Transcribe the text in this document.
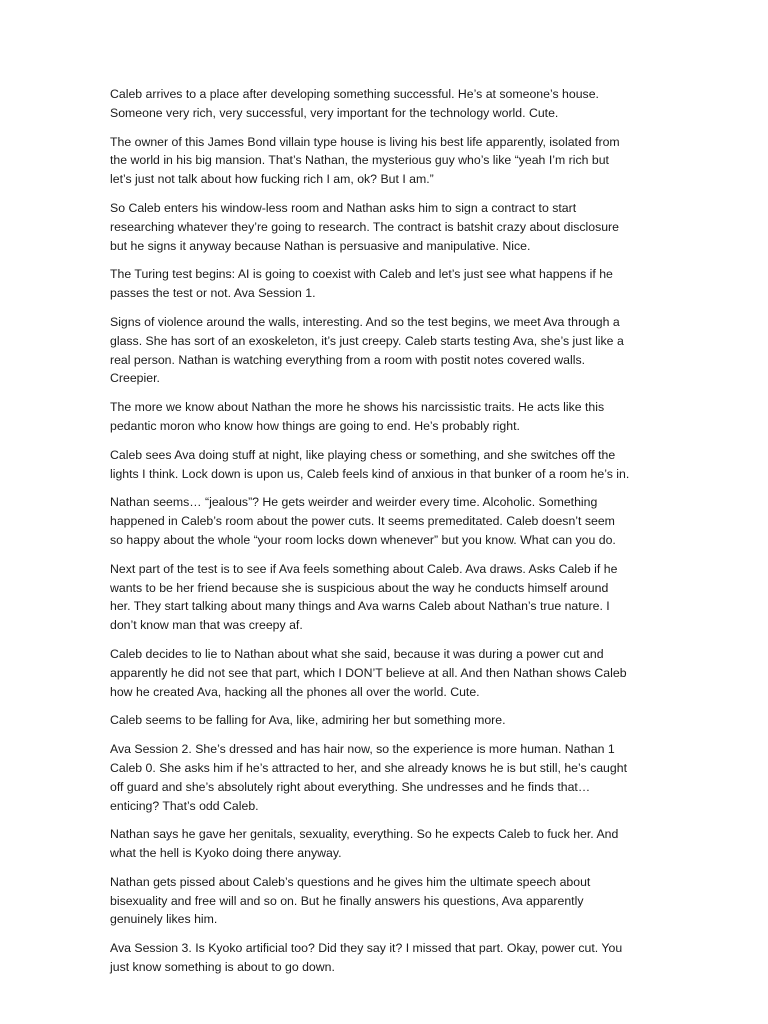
Caleb arrives to a place after developing something successful. He’s at someone’s house. Someone very rich, very successful, very important for the technology world. Cute.

The owner of this James Bond villain type house is living his best life apparently, isolated from the world in his big mansion. That’s Nathan, the mysterious guy who’s like “yeah I’m rich but let’s just not talk about how fucking rich I am, ok? But I am.”

So Caleb enters his window-less room and Nathan asks him to sign a contract to start researching whatever they’re going to research. The contract is batshit crazy about disclosure but he signs it anyway because Nathan is persuasive and manipulative. Nice.

The Turing test begins: AI is going to coexist with Caleb and let’s just see what happens if he passes the test or not. Ava Session 1.

Signs of violence around the walls, interesting. And so the test begins, we meet Ava through a glass. She has sort of an exoskeleton, it’s just creepy. Caleb starts testing Ava, she’s just like a real person. Nathan is watching everything from a room with postit notes covered walls. Creepier.

The more we know about Nathan the more he shows his narcissistic traits. He acts like this pedantic moron who know how things are going to end. He’s probably right.

Caleb sees Ava doing stuff at night, like playing chess or something, and she switches off the lights I think. Lock down is upon us, Caleb feels kind of anxious in that bunker of a room he’s in.

Nathan seems… “jealous”? He gets weirder and weirder every time. Alcoholic. Something happened in Caleb’s room about the power cuts. It seems premeditated. Caleb doesn’t seem so happy about the whole “your room locks down whenever” but you know. What can you do.

Next part of the test is to see if Ava feels something about Caleb. Ava draws. Asks Caleb if he wants to be her friend because she is suspicious about the way he conducts himself around her. They start talking about many things and Ava warns Caleb about Nathan’s true nature. I don’t know man that was creepy af.

Caleb decides to lie to Nathan about what she said, because it was during a power cut and apparently he did not see that part, which I DON’T believe at all. And then Nathan shows Caleb how he created Ava, hacking all the phones all over the world. Cute.

Caleb seems to be falling for Ava, like, admiring her but something more.

Ava Session 2. She’s dressed and has hair now, so the experience is more human. Nathan 1 Caleb 0. She asks him if he’s attracted to her, and she already knows he is but still, he’s caught off guard and she’s absolutely right about everything. She undresses and he finds that… enticing? That’s odd Caleb.

Nathan says he gave her genitals, sexuality, everything. So he expects Caleb to fuck her. And what the hell is Kyoko doing there anyway.

Nathan gets pissed about Caleb’s questions and he gives him the ultimate speech about bisexuality and free will and so on. But he finally answers his questions, Ava apparently genuinely likes him.

Ava Session 3. Is Kyoko artificial too? Did they say it? I missed that part. Okay, power cut. You just know something is about to go down.
